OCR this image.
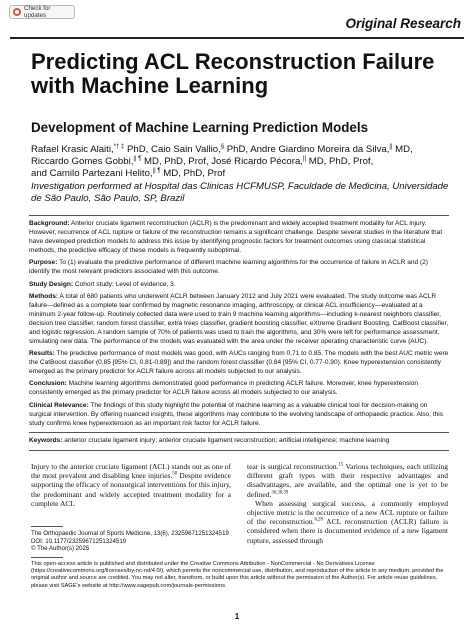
Check for updates
Original Research
Predicting ACL Reconstruction Failure with Machine Learning
Development of Machine Learning Prediction Models
Rafael Krasic Alaiti,*† ‡ PhD, Caio Sain Vallio,§ PhD, Andre Giardino Moreira da Silva,|| MD, Riccardo Gomes Gobbi,|| ¶ MD, PhD, Prof, José Ricardo Pécora,|| MD, PhD, Prof,
and Camilo Partezani Helito,|| ¶ MD, PhD, Prof
Investigation performed at Hospital das Clinicas HCFMUSP, Faculdade de Medicina, Universidade de São Paulo, São Paulo, SP, Brazil

Background: Anterior cruciate ligament reconstruction (ACLR) is the predominant and widely accepted treatment modality for ACL injury. However, recurrence of ACL rupture or failure of the reconstruction remains a significant challenge. Despite several studies in the literature that have developed prediction models to address this issue by identifying prognostic factors for treatment outcomes using classical statistical methods, the predictive efficacy of these models is frequently suboptimal.

Purpose: To (1) evaluate the predictive performance of different machine learning algorithms for the occurrence of failure in ACLR and (2) identify the most relevant predictors associated with this outcome.

Study Design: Cohort study; Level of evidence, 3.

Methods: A total of 680 patients who underwent ACLR between January 2012 and July 2021 were evaluated. The study outcome was ACLR failure—defined as a complete tear confirmed by magnetic resonance imaging, arthroscopy, or clinical ACL insufficiency—evaluated at a minimum 2-year follow-up. Routinely collected data were used to train 9 machine learning algorithms—including k-nearest neighbors classifier, decision tree classifier, random forest classifier, extra trees classifier, gradient boosting classifier, eXtreme Gradient Boosting, CatBoost classifier, and logistic regression. A random sample of 70% of patients was used to train the algorithms, and 30% were left for performance assessment, simulating new data. The performance of the models was evaluated with the area under the receiver operating characteristic curve (AUC).

Results: The predictive performance of most models was good, with AUCs ranging from 0.71 to 0.85. The models with the best AUC metric were the CatBoost classifier (0.85 [95% CI, 0.81-0.89]) and the random forest classifier (0.84 [95% CI, 0.77-0.90). Knee hyperextension consistently emerged as the primary predictor for ACLR failure across all models subjected to our analysis.

Conclusion: Machine learning algorithms demonstrated good performance in predicting ACLR failure. Moreover, knee hyperextension consistently emerged as the primary predictor for ACLR failure across all models subjected to our analysis.

Clinical Relevance: The findings of this study highlight the potential of machine learning as a valuable clinical tool for decision-making on surgical intervention. By offering nuanced insights, these algorithms may contribute to the evolving landscape of orthopaedic practice. Also, this study confirms knee hyperextension as an important risk factor for ACLR failure.

Keywords: anterior cruciate ligament injury; anterior cruciate ligament reconstruction; artificial intelligence; machine learning

Injury to the anterior cruciate ligament (ACL) stands out as one of the most prevalent and disabling knee injuries.$^{50}$ Despite evidence supporting the efficacy of nonsurgical interventions for this injury, the predominant and widely accepted treatment modality for a complete ACL

tear is surgical reconstruction.$^{15}$ Various techniques, each utilizing different graft types with their respective advantages and disadvantages, are available, and the optimal one is yet to be defined.$^{36,38,39}$

When assessing surgical success, a commonly employed objective metric is the occurrence of a new ACL rupture or failure of the reconstruction.$^{6,28}$ ACL reconstruction (ACLR) failure is considered when there is documented evidence of a new ligament rupture, assessed through

The Orthopaedic Journal of Sports Medicine, 13(6), 23259671251324519
DOI: 10.1177/23259671251324519
© The Author(s) 2025
This open-access article is published and distributed under the Creative Commons Attribution - NonCommercial - No Derivatives License (https://creativecommons.org/licenses/by-nc-nd/4.0/), which permits the noncommercial use, distribution, and reproduction of the article in any medium, provided the original author and source are credited. You may not alter, transform, or build upon this article without the permission of the Author(s). For article reuse guidelines, please visit SAGE's website at http://www.sagepub.com/journals-permissions.
1
